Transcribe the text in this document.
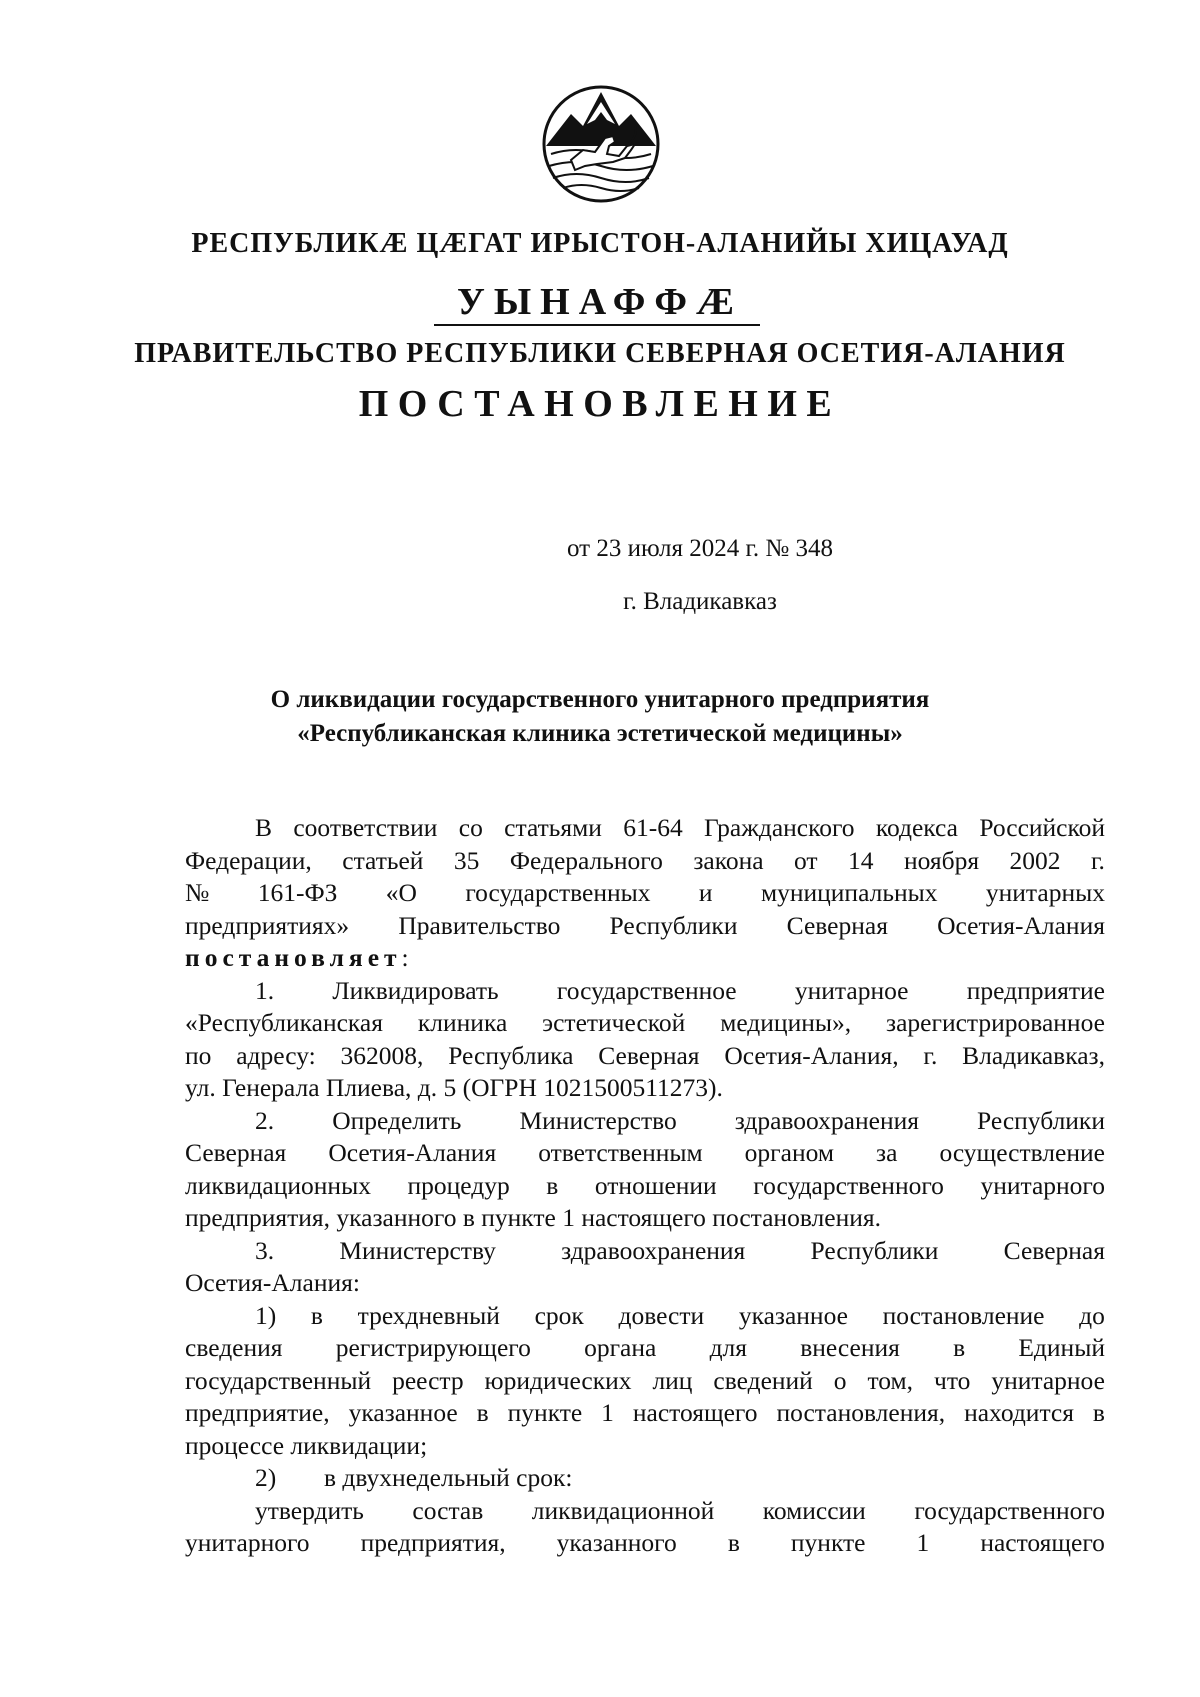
РЕСПУБЛИКÆ ЦÆГАТ ИРЫСТОН-АЛАНИЙЫ ХИЦАУАД
УЫНАФФÆ
ПРАВИТЕЛЬСТВО РЕСПУБЛИКИ СЕВЕРНАЯ ОСЕТИЯ-АЛАНИЯ
ПОСТАНОВЛЕНИЕ
от 23 июля 2024 г. № 348
г. Владикавказ
О ликвидации государственного унитарного предприятия
«Республиканская клиника эстетической медицины»
В соответствии со статьями 61-64 Гражданского кодекса Российской
Федерации, статьей 35 Федерального закона от 14 ноября 2002 г.
№ 161-ФЗ «О государственных и муниципальных унитарных
предприятиях» Правительство Республики Северная Осетия-Алания
постановляет:
1. Ликвидировать государственное унитарное предприятие
«Республиканская клиника эстетической медицины», зарегистрированное
по адресу: 362008, Республика Северная Осетия-Алания, г. Владикавказ,
ул. Генерала Плиева, д. 5 (ОГРН 1021500511273).
2. Определить Министерство здравоохранения Республики
Северная Осетия-Алания ответственным органом за осуществление
ликвидационных процедур в отношении государственного унитарного
предприятия, указанного в пункте 1 настоящего постановления.
3.	Министерству	здравоохранения	Республики	Северная
Осетия-Алания:
1) в трехдневный срок довести указанное постановление до
сведения регистрирующего органа для внесения в Единый
государственный реестр юридических лиц сведений о том, что унитарное
предприятие, указанное в пункте 1 настоящего постановления, находится в
процессе ликвидации;
2) в двухнедельный срок:
утвердить состав ликвидационной комиссии государственного
унитарного предприятия, указанного в пункте 1 настоящего
